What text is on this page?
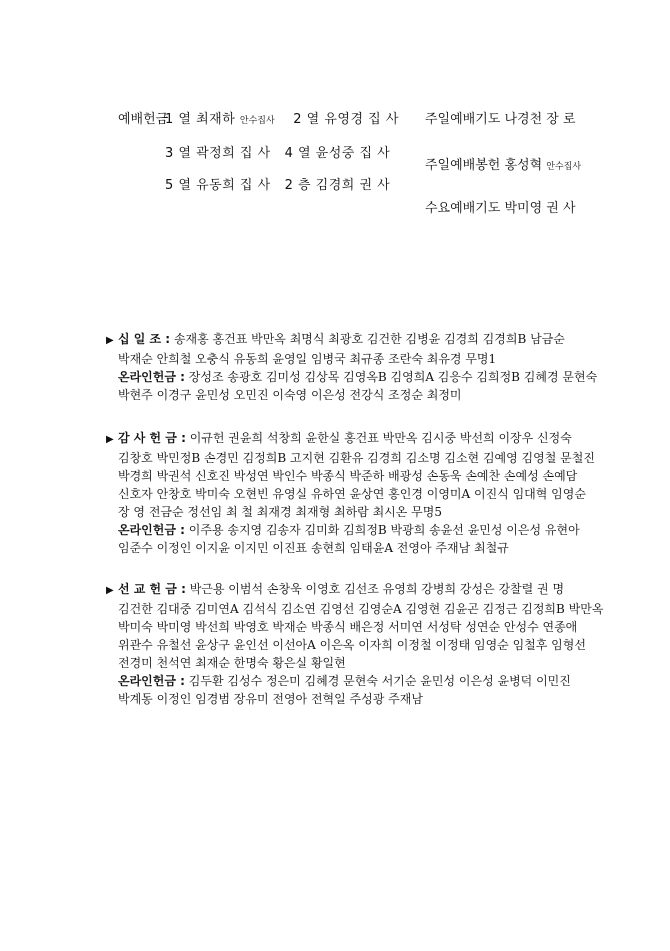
예배헌금
1 열 최재하 안수집사 2 열 유영경 집 사
3 열 곽정희 집 사 4 열 윤성중 집 사
5 열 유동희 집 사 2 층 김경희 권 사
주일예배기도 나경천 장 로
주일예배봉헌 홍성혁 안수집사
수요예배기도 박미영 권 사
▶ 십 일 조 : 송재홍 홍건표 박만옥 최명식 최광호 김건한 김병윤 김경희 김경희B 남금순
박재순 안희철 오충식 유동희 윤영일 임병국 최규종 조란숙 최유경 무명1
온라인헌금 : 장성조 송광호 김미성 김상목 김영옥B 김영희A 김응수 김희정B 김혜경 문현숙
박현주 이경구 윤민성 오민진 이숙영 이은성 전강식 조정순 최정미
▶ 감 사 헌 금 : 이규헌 권윤희 석창희 윤한실 홍건표 박만옥 김시중 박선희 이장우 신정숙
김창호 박민정B 손경민 김정희B 고지현 김환유 김경희 김소명 김소현 김예영 김영철 문철진
박경희 박권석 신호진 박성연 박인수 박종식 박준하 배광성 손동욱 손예찬 손예성 손예담
신호자 안창호 박미숙 오현빈 유영실 유하연 윤상연 홍인경 이영미A 이진식 임대혁 임영순
장 영 전금순 정선임 최 철 최재경 최재형 최하람 최시온 무명5
온라인헌금 : 이주용 송지영 김송자 김미화 김희정B 박광희 송윤선 윤민성 이은성 유현아
임준수 이정인 이지윤 이지민 이진표 송현희 임태윤A 전영아 주재남 최철규
▶ 선 교 헌 금 : 박근용 이범석 손창욱 이영호 김선조 유영희 강병희 강성은 강찰렬 권 명
김건한 김대중 김미연A 김석식 김소연 김영선 김영순A 김영현 김윤곤 김정근 김정희B 박만옥
박미숙 박미영 박선희 박영호 박재순 박종식 배은정 서미연 서성탁 성연순 안성수 연종애
위관수 유철선 윤상구 윤인선 이선아A 이은옥 이자희 이정철 이정태 임영순 임철후 임형선
전경미 천석연 최재순 한명숙 황은실 황일현
온라인헌금 : 김두환 김성수 정은미 김혜경 문현숙 서기순 윤민성 이은성 윤병덕 이민진
박계동 이정인 임경범 장유미 전영아 전혁일 주성광 주재남
